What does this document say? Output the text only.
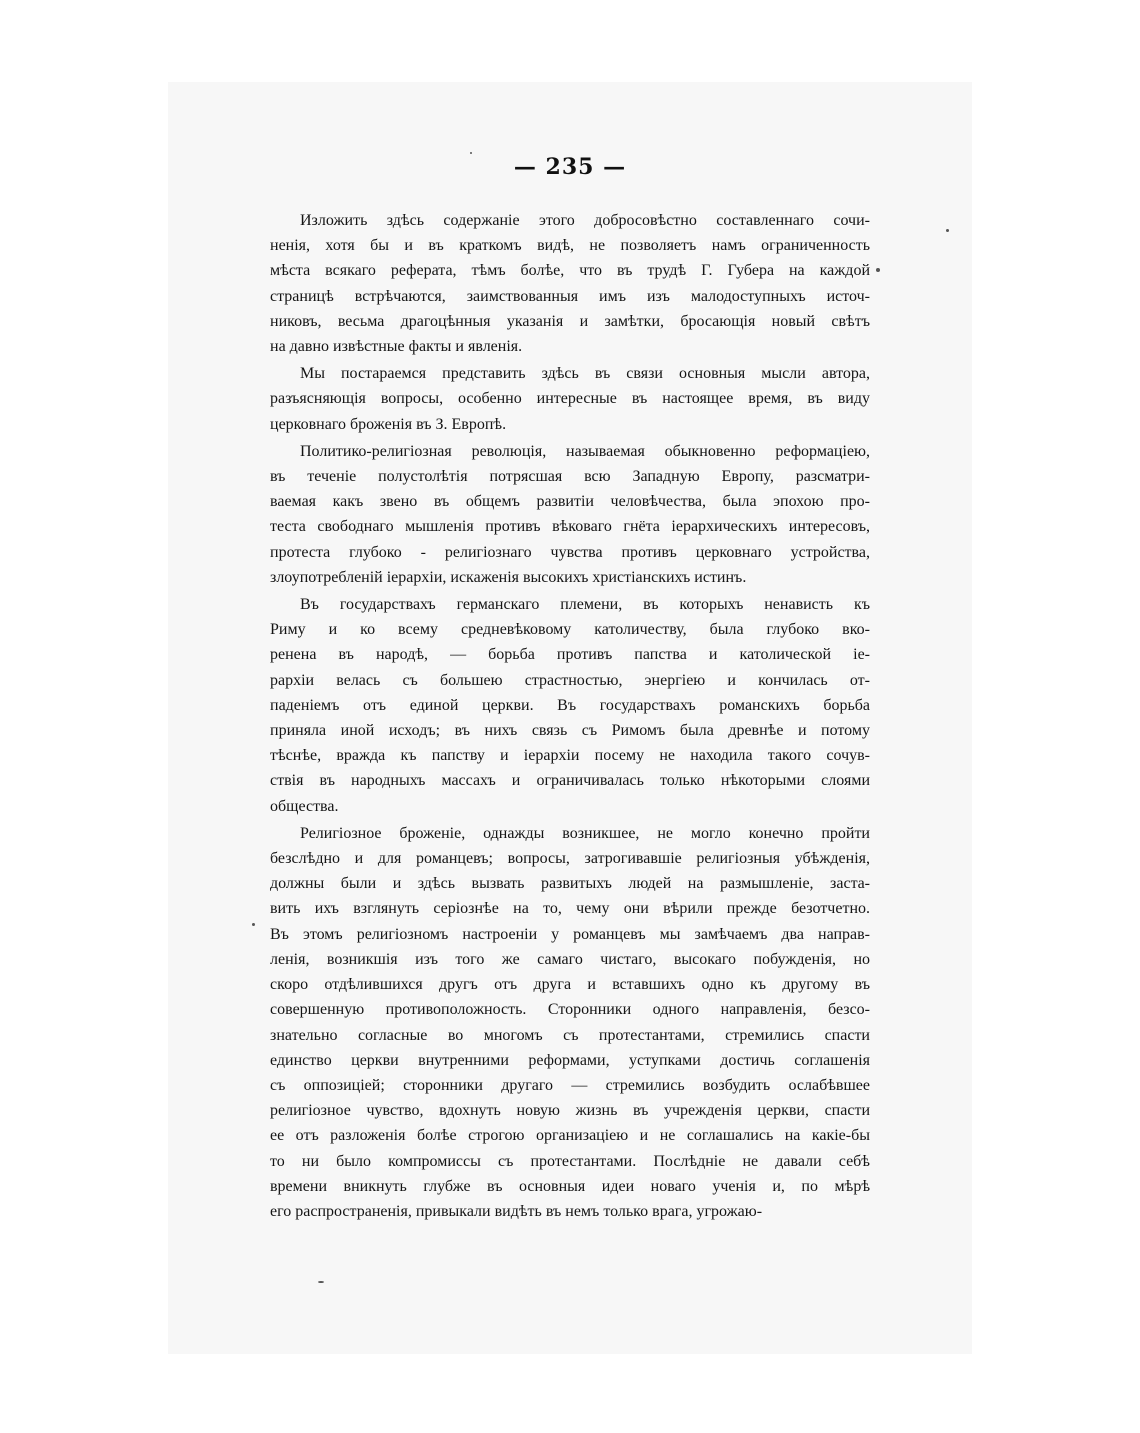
— 235 —
Изложить здѣсь содержаніе этого добросовѣстно составленнаго сочи-
ненія, хотя бы и въ краткомъ видѣ, не позволяетъ намъ ограниченность
мѣста всякаго реферата, тѣмъ болѣе, что въ трудѣ Г. Губера на каждой
страницѣ встрѣчаются, заимствованныя имъ изъ малодоступныхъ источ-
никовъ, весьма драгоцѣнныя указанія и замѣтки, бросающія новый свѣтъ
на давно извѣстные факты и явленія.
Мы постараемся представить здѣсь въ связи основныя мысли автора,
разъясняющія вопросы, особенно интересные въ настоящее время, въ виду
церковнаго броженія въ З. Европѣ.
Политико-религіозная революція, называемая обыкновенно реформаціею,
въ теченіе полустолѣтія потрясшая всю Западную Европу, разсматри-
ваемая какъ звено въ общемъ развитіи человѣчества, была эпохою про-
теста свободнаго мышленія противъ вѣковаго гнёта іерархическихъ интересовъ,
протеста глубоко - религіознаго чувства противъ церковнаго устройства,
злоупотребленій іерархіи, искаженія высокихъ христіанскихъ истинъ.
Въ государствахъ германскаго племени, въ которыхъ ненависть къ
Риму и ко всему средневѣковому католичеству, была глубоко вко-
ренена въ народѣ, — борьба противъ папства и католической іе-
рархіи велась съ большею страстностью, энергіею и кончилась от-
паденіемъ отъ единой церкви. Въ государствахъ романскихъ борьба
приняла иной исходъ; въ нихъ связь съ Римомъ была древнѣе и потому
тѣснѣе, вражда къ папству и іерархіи посему не находила такого сочув-
ствія въ народныхъ массахъ и ограничивалась только нѣкоторыми слоями
общества.
Религіозное броженіе, однажды возникшее, не могло конечно пройти
безслѣдно и для романцевъ; вопросы, затрогивавшіе религіозныя убѣжденія,
должны были и здѣсь вызвать развитыхъ людей на размышленіе, застa-
вить ихъ взглянуть серіознѣе на то, чему они вѣрили прежде безотчетно.
Въ этомъ религіозномъ настроеніи у романцевъ мы замѣчаемъ два направ-
ленія, возникшія изъ того же самаго чистаго, высокаго побужденія, но
скоро отдѣлившихся другъ отъ друга и вставшихъ одно къ другому въ
совершенную противоположность. Сторонники одного направленія, безсо-
знательно согласные во многомъ съ протестантами, стремились спасти
единство церкви внутренними реформами, уступками достичь соглашенія
съ оппозиціей; сторонники другаго — стремились возбудить ослабѣвшее
религіозное чувство, вдохнуть новую жизнь въ учрежденія церкви, спасти
ее отъ разложенія болѣе строгою организаціею и не соглашались на какіе-бы
то ни было компромиссы съ протестантами. Послѣдніе не давали себѣ
времени вникнуть глубже въ основныя идеи новаго ученія и, по мѣрѣ
его распространенія, привыкали видѣть въ немъ только врага, угрожаю-
